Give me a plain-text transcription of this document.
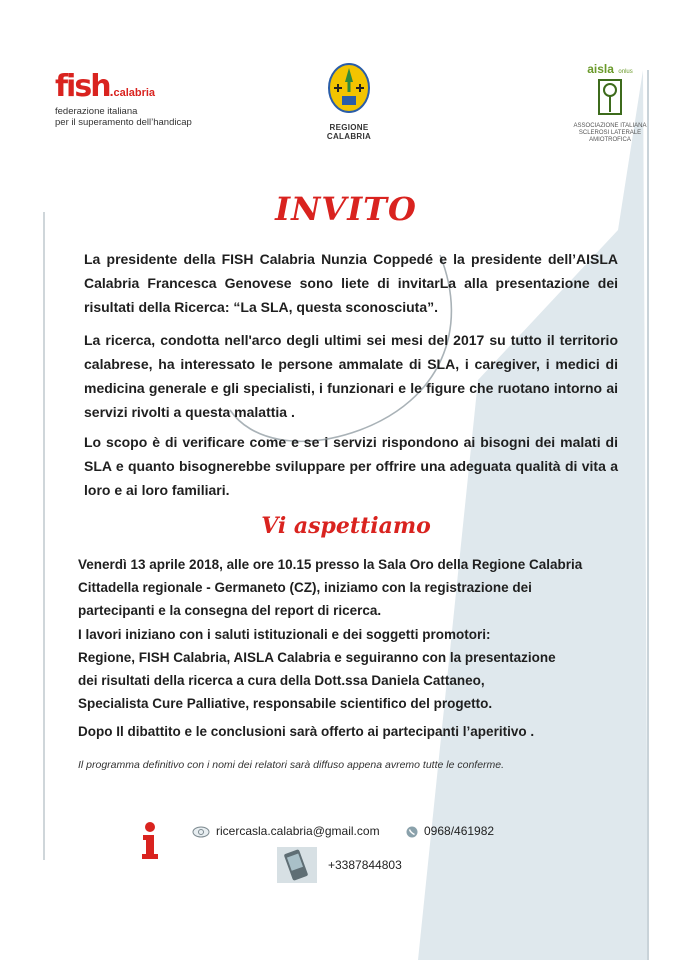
fish.calabria
federazione italiana
per il superamento dell’handicap	REGIONE CALABRIA
aisla onlus
ASSOCIAZIONE ITALIANA
SCLEROSI LATERALE AMIOTROFICA
INVITO

La presidente della FISH Calabria Nunzia Coppedé e la presidente dell’AISLA Calabria Francesca Genovese sono liete di invitarLa alla presentazione dei risultati della Ricerca: “La SLA, questa sconosciuta”.

La ricerca, condotta nell'arco degli ultimi sei mesi del 2017 su tutto il territorio calabrese, ha interessato le persone ammalate di SLA, i caregiver, i medici di medicina generale e gli specialisti, i funzionari e le figure che ruotano intorno ai servizi rivolti a questa malattia .

Lo scopo è di verificare come e se i servizi rispondono ai bisogni dei malati di SLA e quanto bisognerebbe sviluppare per offrire una adeguata qualità di vita a loro e ai loro familiari.

Vi aspettiamo
Venerdì 13 aprile 2018, alle ore 10.15 presso la Sala Oro della Regione Calabria
Cittadella regionale - Germaneto (CZ), iniziamo con la registrazione dei
partecipanti e la consegna del report di ricerca.
I lavori iniziano con i saluti istituzionali e dei soggetti promotori:
Regione, FISH Calabria, AISLA Calabria e seguiranno con la presentazione
dei risultati della ricerca a cura della Dott.ssa Daniela Cattaneo,
Specialista Cure Palliative, responsabile scientifico del progetto.
Dopo Il dibattito e le conclusioni sarà offerto ai partecipanti l’aperitivo .
Il programma definitivo con i nomi dei relatori sarà diffuso appena avremo tutte le conferme.
ricercasla.calabria@gmail.com	0968/461982
+3387844803
